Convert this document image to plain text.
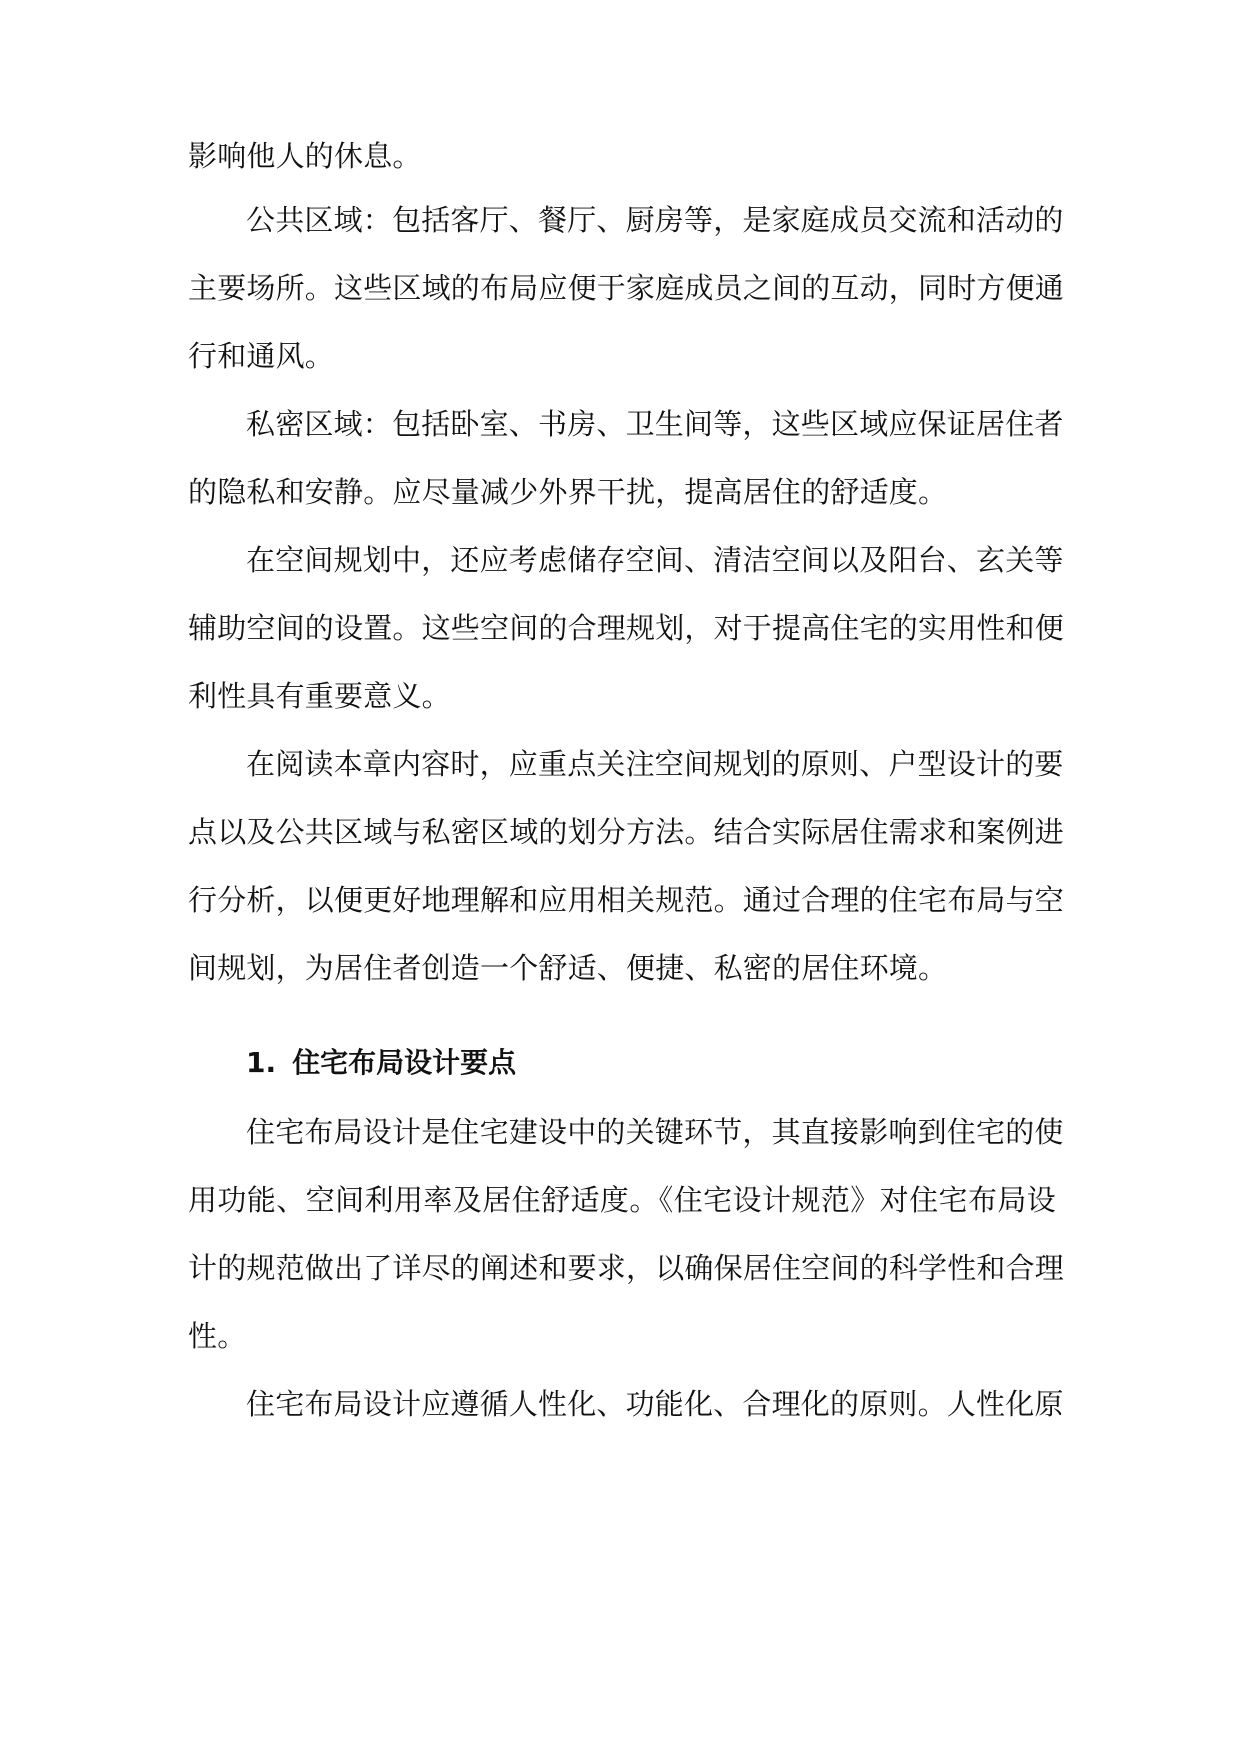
影响他人的休息。
公共区域：包括客厅、餐厅、厨房等，是家庭成员交流和活动的
主要场所。这些区域的布局应便于家庭成员之间的互动，同时方便通
行和通风。
私密区域：包括卧室、书房、卫生间等，这些区域应保证居住者
的隐私和安静。应尽量减少外界干扰，提高居住的舒适度。
在空间规划中，还应考虑储存空间、清洁空间以及阳台、玄关等
辅助空间的设置。这些空间的合理规划，对于提高住宅的实用性和便
利性具有重要意义。
在阅读本章内容时，应重点关注空间规划的原则、户型设计的要
点以及公共区域与私密区域的划分方法。结合实际居住需求和案例进
行分析，以便更好地理解和应用相关规范。通过合理的住宅布局与空
间规划，为居住者创造一个舒适、便捷、私密的居住环境。
1. 住宅布局设计要点
住宅布局设计是住宅建设中的关键环节，其直接影响到住宅的使
用功能、空间利用率及居住舒适度。《住宅设计规范》对住宅布局设
计的规范做出了详尽的阐述和要求，以确保居住空间的科学性和合理
性。
住宅布局设计应遵循人性化、功能化、合理化的原则。人性化原
